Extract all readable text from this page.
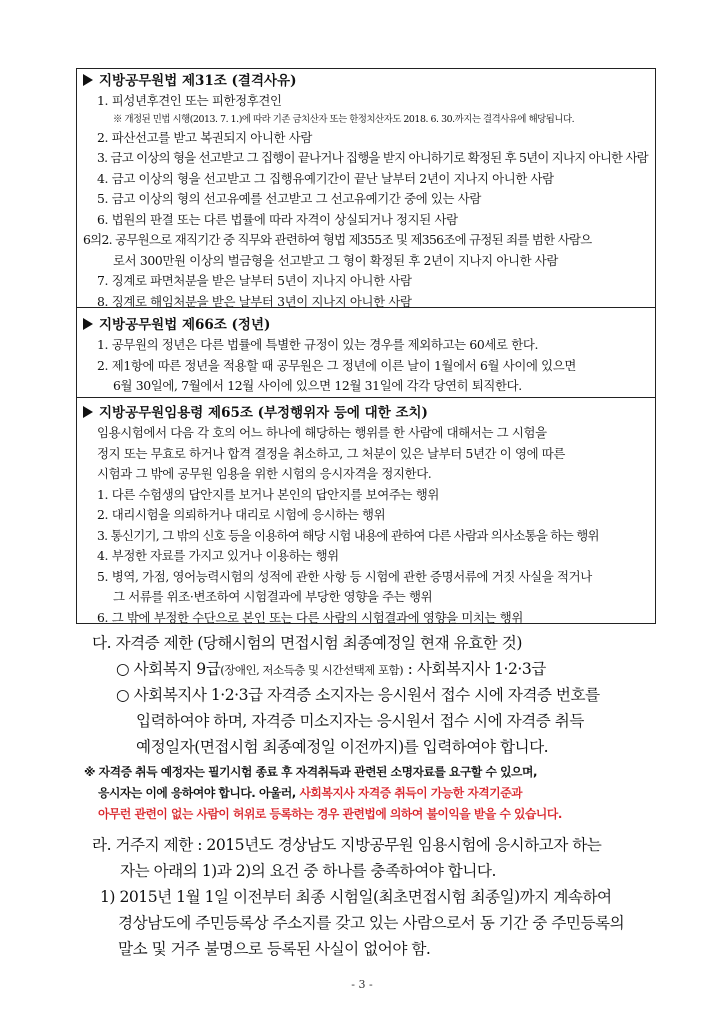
지방공무원법 제31조 (결격사유)
1. 피성년후견인 또는 피한정후견인
※ 개정된 민법 시행(2013. 7. 1.)에 따라 기존 금치산자 또는 한정치산자도 2018. 6. 30.까지는 결격사유에 해당됩니다.
2. 파산선고를 받고 복권되지 아니한 사람
3. 금고 이상의 형을 선고받고 그 집행이 끝나거나 집행을 받지 아니하기로 확정된 후 5년이 지나지 아니한 사람
4. 금고 이상의 형을 선고받고 그 집행유예기간이 끝난 날부터 2년이 지나지 아니한 사람
5. 금고 이상의 형의 선고유예를 선고받고 그 선고유예기간 중에 있는 사람
6. 법원의 판결 또는 다른 법률에 따라 자격이 상실되거나 정지된 사람
6의2. 공무원으로 재직기간 중 직무와 관련하여 형법 제355조 및 제356조에 규정된 죄를 범한 사람으
로서 300만원 이상의 벌금형을 선고받고 그 형이 확정된 후 2년이 지나지 아니한 사람
7. 징계로 파면처분을 받은 날부터 5년이 지나지 아니한 사람
8. 징계로 해임처분을 받은 날부터 3년이 지나지 아니한 사람
지방공무원법 제66조 (정년)
1. 공무원의 정년은 다른 법률에 특별한 규정이 있는 경우를 제외하고는 60세로 한다.
2. 제1항에 따른 정년을 적용할 때 공무원은 그 정년에 이른 날이 1월에서 6월 사이에 있으면
6월 30일에, 7월에서 12월 사이에 있으면 12월 31일에 각각 당연히 퇴직한다.
지방공무원임용령 제65조 (부정행위자 등에 대한 조치)
임용시험에서 다음 각 호의 어느 하나에 해당하는 행위를 한 사람에 대해서는 그 시험을
정지 또는 무효로 하거나 합격 결정을 취소하고, 그 처분이 있은 날부터 5년간 이 영에 따른
시험과 그 밖에 공무원 임용을 위한 시험의 응시자격을 정지한다.
1. 다른 수험생의 답안지를 보거나 본인의 답안지를 보여주는 행위
2. 대리시험을 의뢰하거나 대리로 시험에 응시하는 행위
3. 통신기기, 그 밖의 신호 등을 이용하여 해당 시험 내용에 관하여 다른 사람과 의사소통을 하는 행위
4. 부정한 자료를 가지고 있거나 이용하는 행위
5. 병역, 가점, 영어능력시험의 성적에 관한 사항 등 시험에 관한 증명서류에 거짓 사실을 적거나
그 서류를 위조·변조하여 시험결과에 부당한 영향을 주는 행위
6. 그 밖에 부정한 수단으로 본인 또는 다른 사람의 시험결과에 영향을 미치는 행위
다. 자격증 제한 (당해시험의 면접시험 최종예정일 현재 유효한 것)
○ 사회복지 9급(장애인, 저소득층 및 시간선택제 포함) : 사회복지사 1·2·3급
○ 사회복지사 1·2·3급 자격증 소지자는 응시원서 접수 시에 자격증 번호를
입력하여야 하며, 자격증 미소지자는 응시원서 접수 시에 자격증 취득
예정일자(면접시험 최종예정일 이전까지)를 입력하여야 합니다.
※ 자격증 취득 예정자는 필기시험 종료 후 자격취득과 관련된 소명자료를 요구할 수 있으며,
응시자는 이에 응하여야 합니다. 아울러, 사회복지사 자격증 취득이 가능한 자격기준과
아무런 관련이 없는 사람이 허위로 등록하는 경우 관련법에 의하여 불이익을 받을 수 있습니다.
라. 거주지 제한 : 2015년도 경상남도 지방공무원 임용시험에 응시하고자 하는
자는 아래의 1)과 2)의 요건 중 하나를 충족하여야 합니다.
1) 2015년 1월 1일 이전부터 최종 시험일(최초면접시험 최종일)까지 계속하여
경상남도에 주민등록상 주소지를 갖고 있는 사람으로서 동 기간 중 주민등록의
말소 및 거주 불명으로 등록된 사실이 없어야 함.
- 3 -
